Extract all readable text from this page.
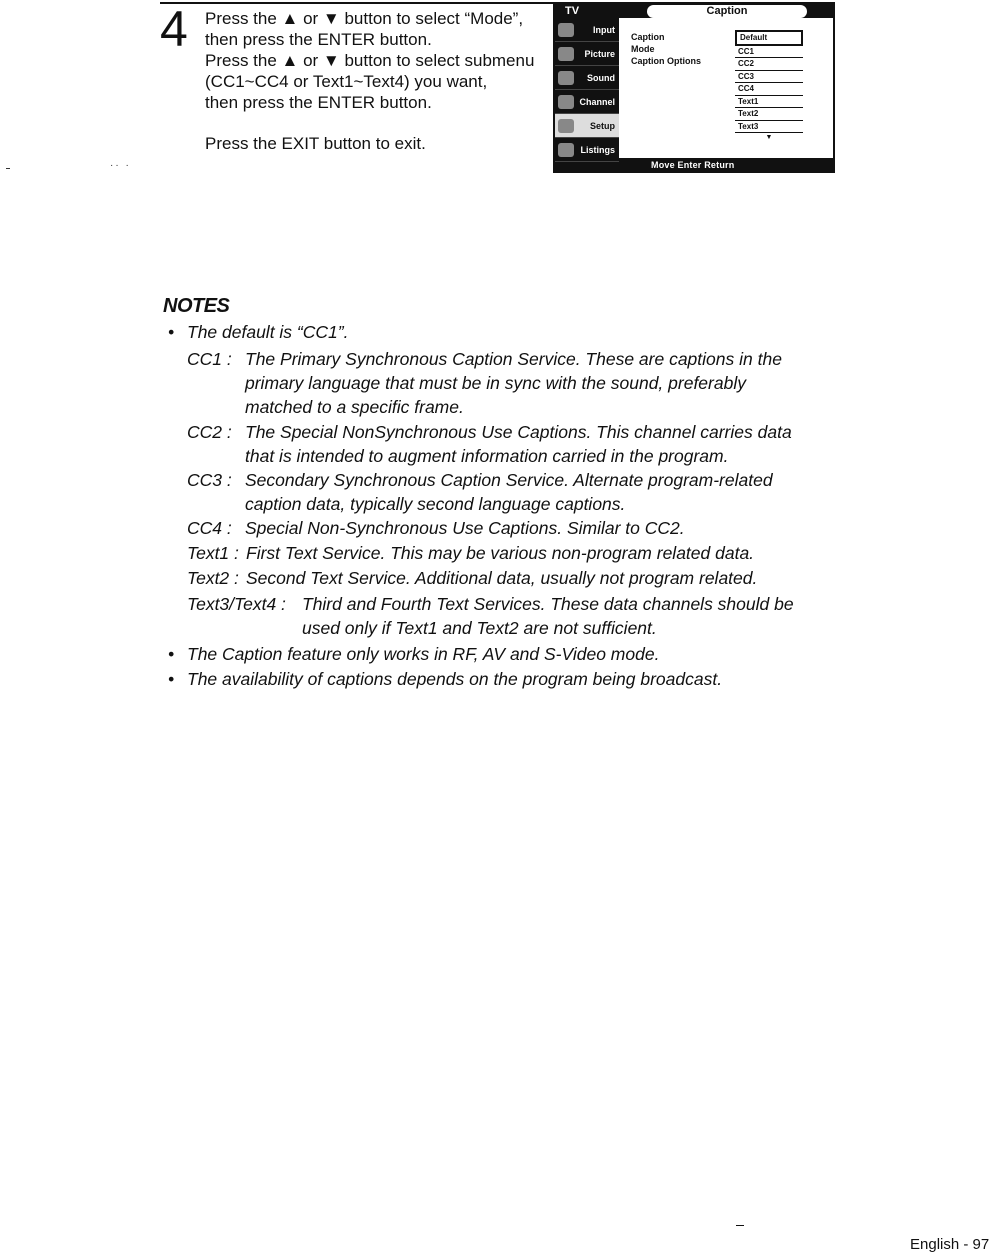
4 Press the ▲ or ▼ button to select “Mode”,

then press the ENTER button.

Press the ▲ or ▼ button to select submenu

(CC1~CC4 or Text1~Text4) you want,

then press the ENTER button.

Press the EXIT button to exit.

·· ·
TV	Caption
Input
Picture
Sound
Channel
Setup
Listings
Caption
Mode
Caption Options
Default
CC1
CC2
CC3
CC4
Text1
Text2
Text3
▼
Move Enter Return
NOTES
• The default is “CC1”.
CC1 : The Primary Synchronous Caption Service. These are captions in the
primary language that must be in sync with the sound, preferably
matched to a specific frame.
CC2 : The Special NonSynchronous Use Captions. This channel carries data
that is intended to augment information carried in the program.
CC3 : Secondary Synchronous Caption Service. Alternate program-related
caption data, typically second language captions.
CC4 : Special Non-Synchronous Use Captions. Similar to CC2.
Text1 : First Text Service. This may be various non-program related data.
Text2 : Second Text Service. Additional data, usually not program related.
Text3/Text4 : Third and Fourth Text Services. These data channels should be
used only if Text1 and Text2 are not sufficient.
• The Caption feature only works in RF, AV and S-Video mode.
• The availability of captions depends on the program being broadcast.
English - 97
